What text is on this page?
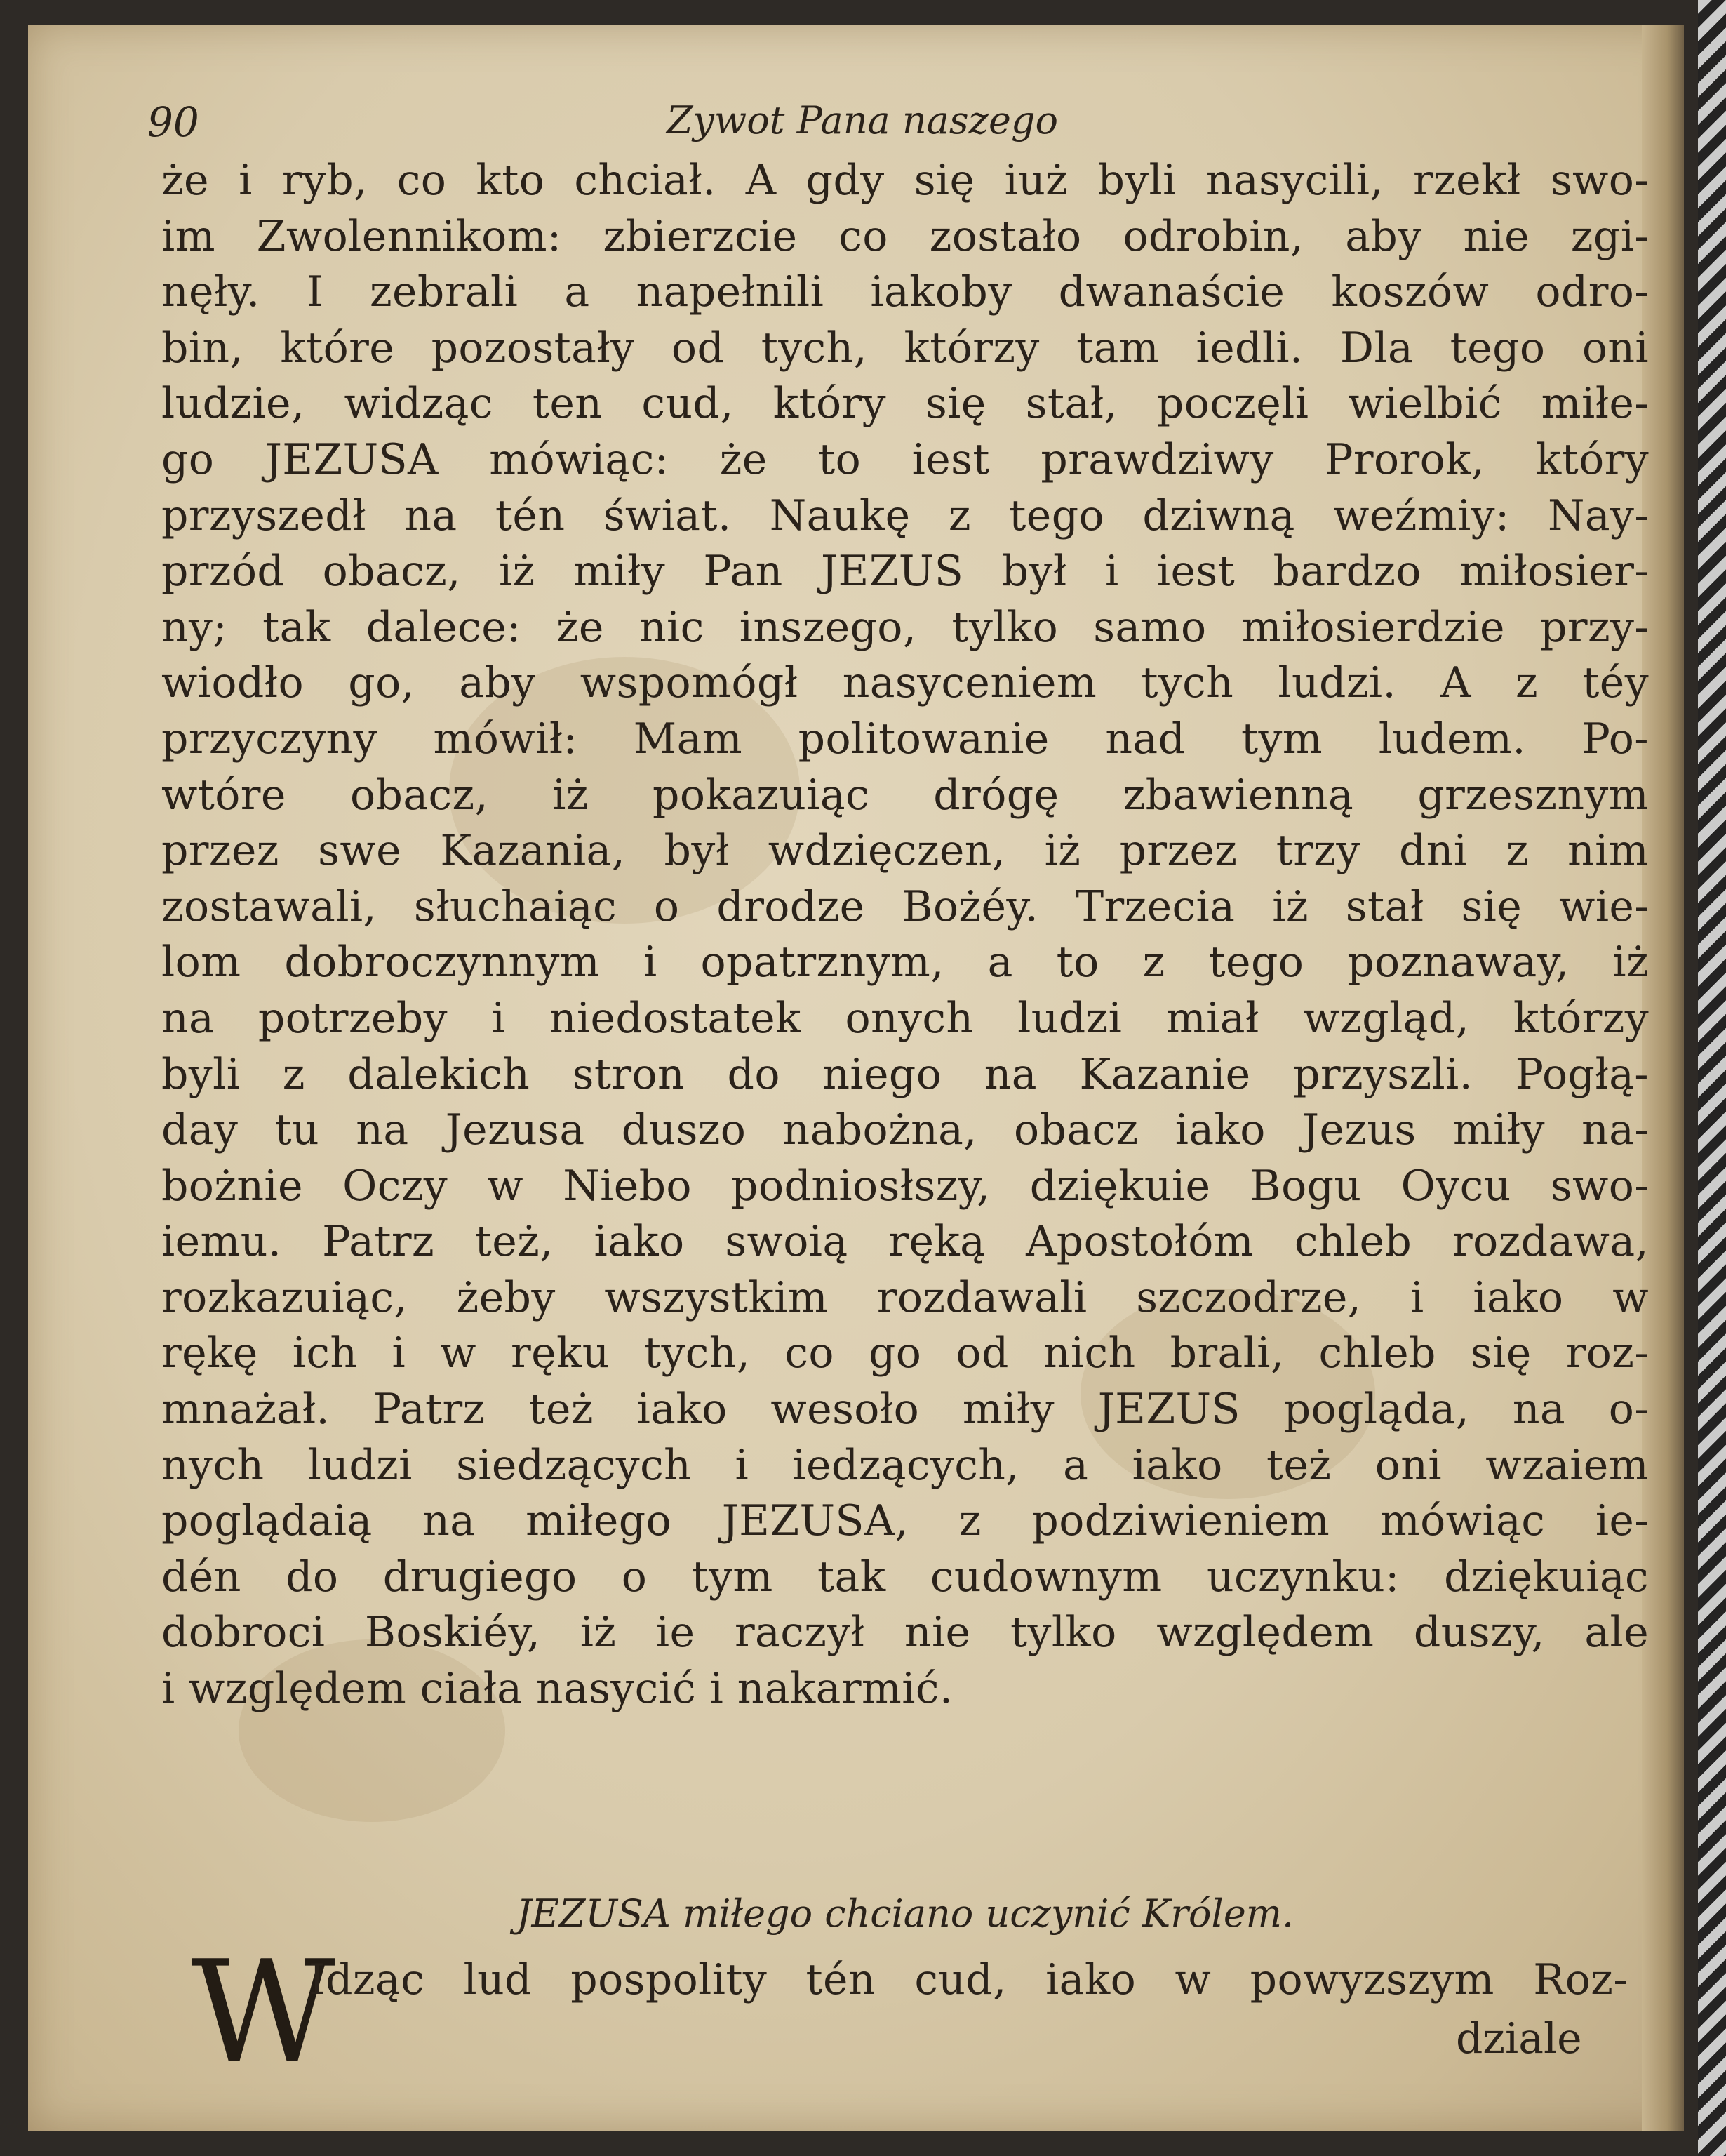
90	Zywot Pana naszego
że i ryb, co kto chciał. A gdy się iuż byli nasycili, rzekł swo-
im Zwolennikom: zbierzcie co zostało odrobin, aby nie zgi-
nęły. I zebrali a napełnili iakoby dwanaście koszów odro-
bin, które pozostały od tych, którzy tam iedli. Dla tego oni
ludzie, widząc ten cud, który się stał, poczęli wielbić miłe-
go JEZUSA mówiąc: że to iest prawdziwy Prorok, który
przyszedł na tén świat. Naukę z tego dziwną weźmiy: Nay-
przód obacz, iż miły Pan JEZUS był i iest bardzo miłosier-
ny; tak dalece: że nic inszego, tylko samo miłosierdzie przy-
wiodło go, aby wspomógł nasyceniem tych ludzi. A z téy
przyczyny mówił: Mam politowanie nad tym ludem. Po-
wtóre obacz, iż pokazuiąc drógę zbawienną grzesznym
przez swe Kazania, był wdzięczen, iż przez trzy dni z nim
zostawali, słuchaiąc o drodze Bożéy. Trzecia iż stał się wie-
lom dobroczynnym i opatrznym, a to z tego poznaway, iż
na potrzeby i niedostatek onych ludzi miał wzgląd, którzy
byli z dalekich stron do niego na Kazanie przyszli. Pogłą-
day tu na Jezusa duszo nabożna, obacz iako Jezus miły na-
bożnie Oczy w Niebo podniosłszy, dziękuie Bogu Oycu swo-
iemu. Patrz też, iako swoią ręką Apostołóm chleb rozdawa,
rozkazuiąc, żeby wszystkim rozdawali szczodrze, i iako w
rękę ich i w ręku tych, co go od nich brali, chleb się roz-
mnażał. Patrz też iako wesoło miły JEZUS pogląda, na o-
nych ludzi siedzących i iedzących, a iako też oni wzaiem
poglądaią na miłego JEZUSA, z podziwieniem mówiąc ie-
dén do drugiego o tym tak cudownym uczynku: dziękuiąc
dobroci Boskiéy, iż ie raczył nie tylko względem duszy, ale
i względem ciała nasycić i nakarmić.
JEZUSA miłego chciano uczynić Królem.
W
Idząc lud pospolity tén cud, iako w powyzszym Roz-
dziale
